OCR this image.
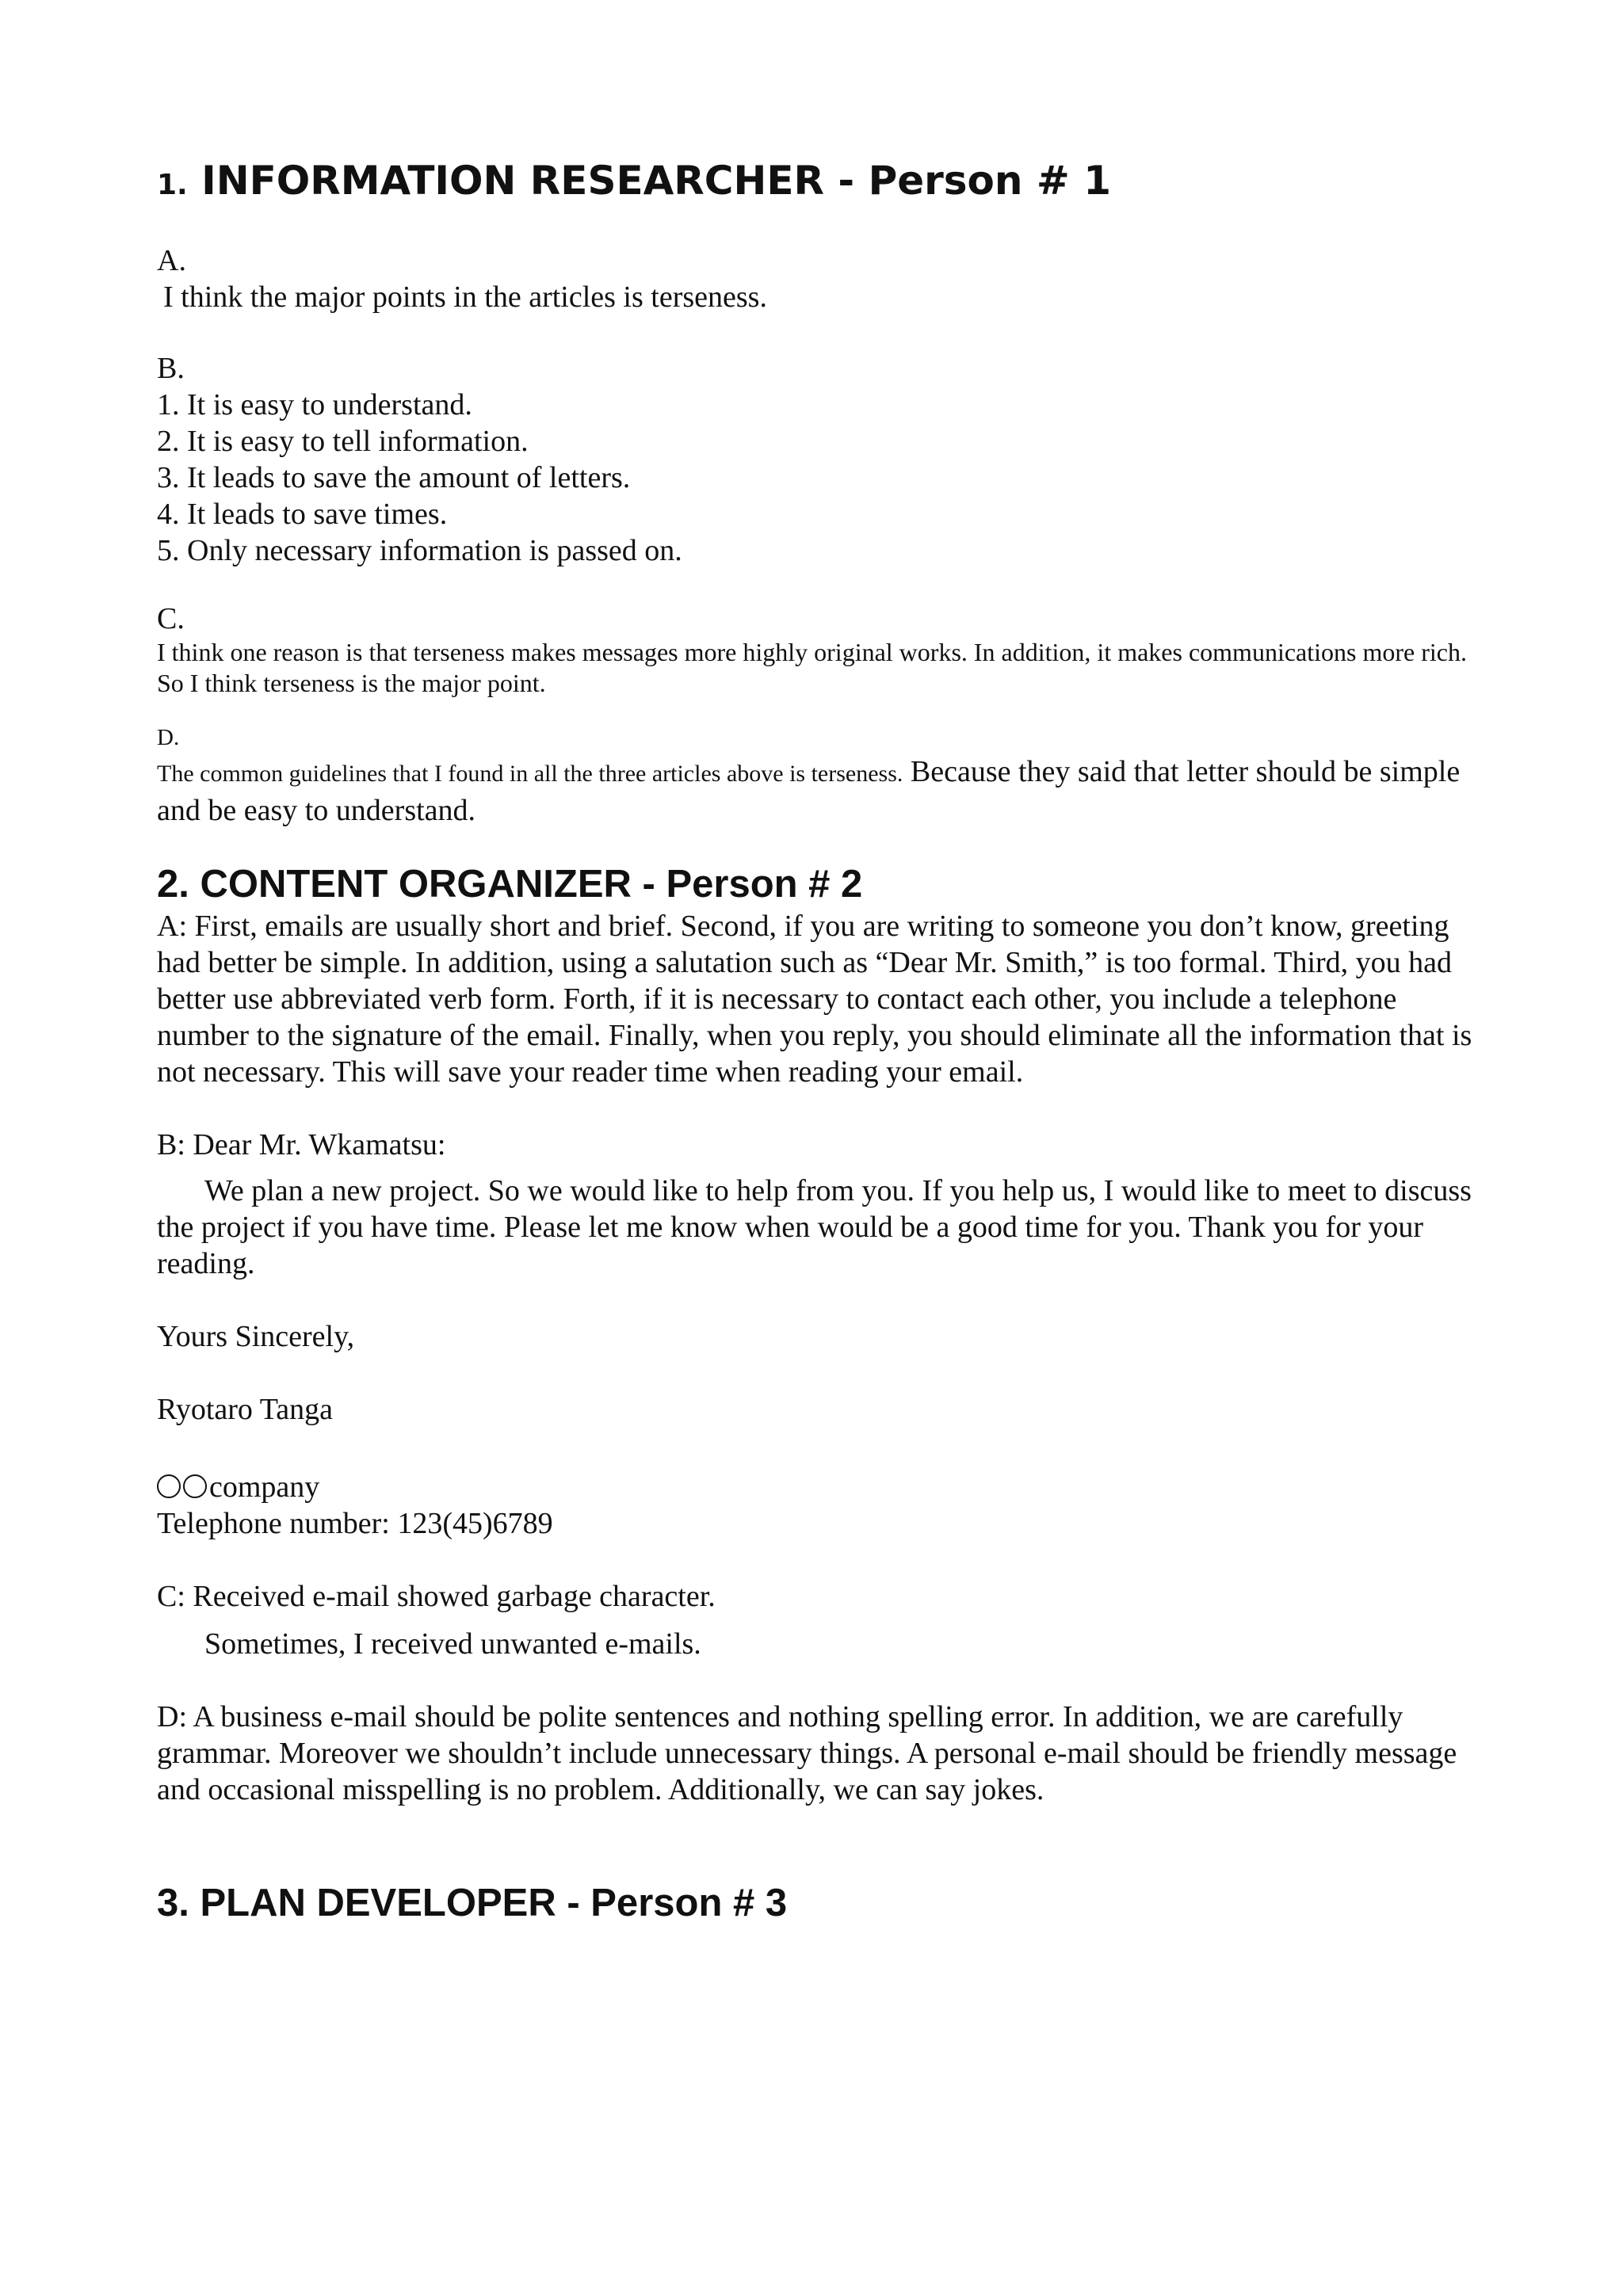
1. INFORMATION RESEARCHER - Person # 1
A.
I think the major points in the articles is terseness.
B.
1. It is easy to understand.
2. It is easy to tell information.
3. It leads to save the amount of letters.
4. It leads to save times.
5. Only necessary information is passed on.
C.
I think one reason is that terseness makes messages more highly original works. In addition, it makes communications more rich. So I think terseness is the major point.
D.
The common guidelines that I found in all the three articles above is terseness. Because they said that letter should be simple and be easy to understand.
2. CONTENT ORGANIZER - Person # 2

A: First, emails are usually short and brief. Second, if you are writing to someone you don’t know, greeting had better be simple. In addition, using a salutation such as “Dear Mr. Smith,” is too formal. Third, you had better use abbreviated verb form. Forth, if it is necessary to contact each other, you include a telephone number to the signature of the email. Finally, when you reply, you should eliminate all the information that is not necessary. This will save your reader time when reading your email.

B: Dear Mr. Wkamatsu:

We plan a new project. So we would like to help from you. If you help us, I would like to meet to discuss the project if you have time. Please let me know when would be a good time for you. Thank you for your reading.

Yours Sincerely,
Ryotaro Tanga
company
Telephone number: 123(45)6789
C: Received e-mail showed garbage character.
Sometimes, I received unwanted e-mails.

D: A business e-mail should be polite sentences and nothing spelling error. In addition, we are carefully grammar. Moreover we shouldn’t include unnecessary things. A personal e-mail should be friendly message and occasional misspelling is no problem. Additionally, we can say jokes.

3. PLAN DEVELOPER - Person # 3
